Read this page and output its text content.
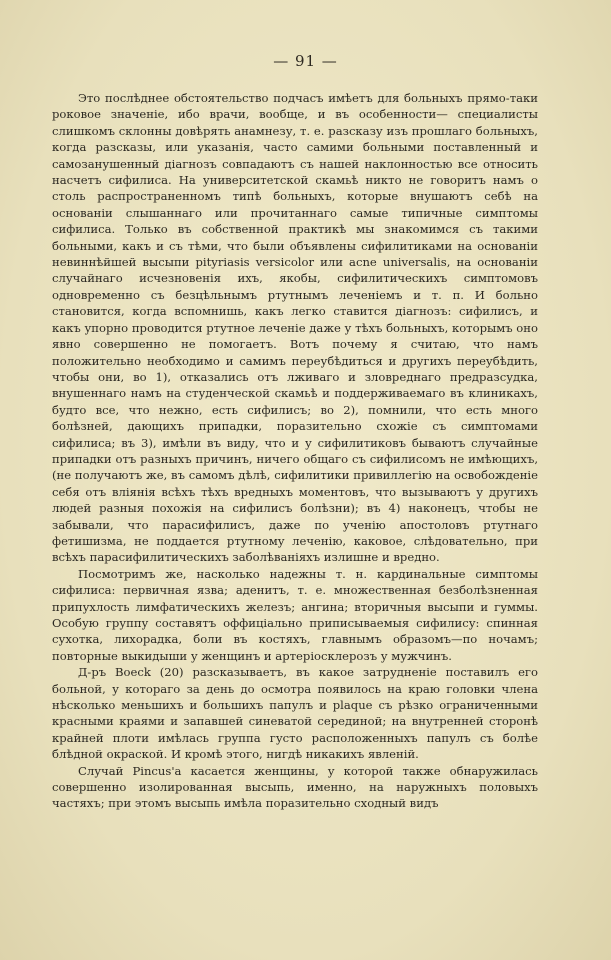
— 91 —

Это послѣднее обстоятельство подчасъ имѣетъ для больныхъ прямо-таки роковое значенiе, ибо врачи, вообще, и въ особенности— специалисты слишкомъ склонны довѣрять анамнезу, т. е. разсказу изъ прошлаго больныхъ, когда разсказы, или указанiя, часто самими больными поставленный и самозанушенный дiагнозъ совпадаютъ съ нашей наклонностью все относить насчетъ сифилиса. На университетской скамьѣ никто не говоритъ намъ о столь распространенномъ типѣ больныхъ, которые внушаютъ себѣ на основанiи слышаннаго или прочитаннаго самые типичные симптомы сифилиса. Только въ собственной практикѣ мы знакомимся съ такими больными, какъ и съ тѣми, что были объявлены сифилитиками на основанiи невиннѣйшей высыпи pityriasis versicolor или acne universalis, на основанiи случайнаго исчезновенiя ихъ, якобы, сифилитическихъ симптомовъ одновременно съ безцѣльнымъ ртутнымъ леченiемъ и т. п. И больно становится, когда вспомнишь, какъ легко ставится дiагнозъ: сифилисъ, и какъ упорно проводится ртутное леченiе даже у тѣхъ больныхъ, которымъ оно явно совершенно не помогаетъ. Вотъ почему я считаю, что намъ положительно необходимо и самимъ переубѣдиться и другихъ переубѣдить, чтобы они, во 1), отказались отъ лживаго и зловреднаго предразсудка, внушеннаго намъ на студенческой скамьѣ и поддерживаемаго въ клиникахъ, будто все, что нежно, есть сифилисъ; во 2), помнили, что есть много болѣзней, дающихъ припадки, поразительно схожiе съ симптомами сифилиса; въ 3), имѣли въ виду, что и у сифилитиковъ бываютъ случайные припадки отъ разныхъ причинъ, ничего общаго съ сифилисомъ не имѣющихъ, (не получаютъ же, въ самомъ дѣлѣ, сифилитики привиллегiю на освобожденiе себя отъ влiянiя всѣхъ тѣхъ вредныхъ моментовъ, что вызываютъ у другихъ людей разныя похожiя на сифилисъ болѣзни); въ 4) наконецъ, чтобы не забывали, что парасифилисъ, даже по ученiю апостоловъ ртутнаго фетишизма, не поддается ртутному леченiю, каковое, слѣдовательно, при всѣхъ парасифилитическихъ заболѣванiяхъ излишне и вредно.

Посмотримъ же, насколько надежны т. н. кардинальные симптомы сифилиса: первичная язва; аденитъ, т. е. множественная безболѣзненная припухлость лимфатическихъ железъ; ангина; вторичныя высыпи и гуммы. Особую группу составятъ оффицiально приписываемыя сифилису: спинная сухотка, лихорадка, боли въ костяхъ, главнымъ образомъ—по ночамъ; повторные выкидыши у женщинъ и артерiосклерозъ у мужчинъ.

Д-ръ Boeck (20) разсказываетъ, въ какое затрудненiе поставилъ его больной, у котораго за день до осмотра появилось на краю головки члена нѣсколько меньшихъ и большихъ папулъ и plaque съ рѣзко ограниченными красными краями и запавшей синеватой серединой; на внутренней сторонѣ крайней плоти имѣлась группа густо расположенныхъ папулъ съ болѣе блѣдной окраской. И кромѣ этого, нигдѣ никакихъ явленiй.

Случай Pincus'a касается женщины, у которой также обнаружилась совершенно изолированная высыпь, именно, на наружныхъ половыхъ частяхъ; при этомъ высыпь имѣла поразительно сходный видъ
